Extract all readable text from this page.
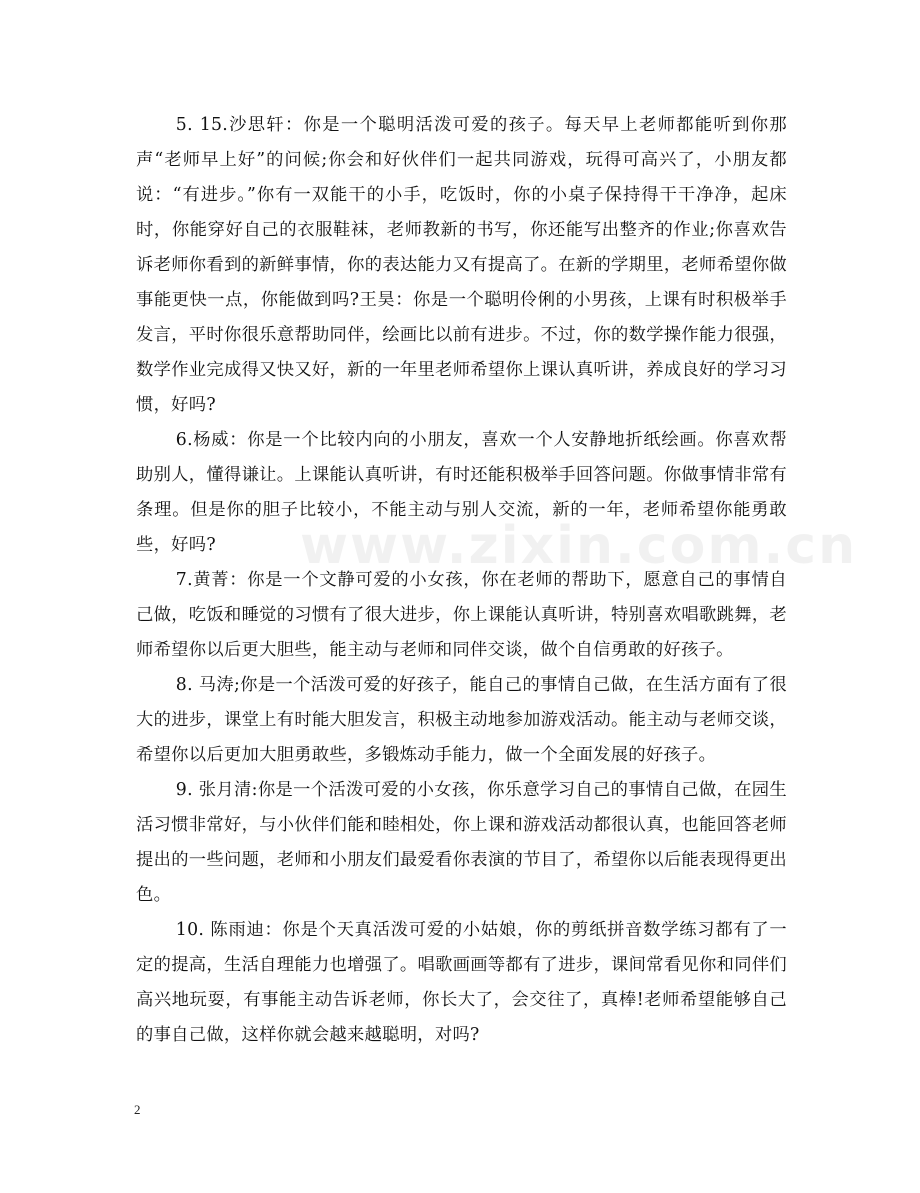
5. 15.沙思轩：你是一个聪明活泼可爱的孩子。每天早上老师都能听到你那声“老师早上好”的问候;你会和好伙伴们一起共同游戏，玩得可高兴了，小朋友都说：“有进步。”你有一双能干的小手，吃饭时，你的小桌子保持得干干净净，起床时，你能穿好自己的衣服鞋袜，老师教新的书写，你还能写出整齐的作业;你喜欢告诉老师你看到的新鲜事情，你的表达能力又有提高了。在新的学期里，老师希望你做事能更快一点，你能做到吗?王昊：你是一个聪明伶俐的小男孩，上课有时积极举手发言，平时你很乐意帮助同伴，绘画比以前有进步。不过，你的数学操作能力很强，数学作业完成得又快又好，新的一年里老师希望你上课认真听讲，养成良好的学习习惯，好吗?

6.杨威：你是一个比较内向的小朋友，喜欢一个人安静地折纸绘画。你喜欢帮助别人，懂得谦让。上课能认真听讲，有时还能积极举手回答问题。你做事情非常有条理。但是你的胆子比较小，不能主动与别人交流，新的一年，老师希望你能勇敢些，好吗?

7.黄菁：你是一个文静可爱的小女孩，你在老师的帮助下，愿意自己的事情自己做，吃饭和睡觉的习惯有了很大进步，你上课能认真听讲，特别喜欢唱歌跳舞，老师希望你以后更大胆些，能主动与老师和同伴交谈，做个自信勇敢的好孩子。

8. 马涛;你是一个活泼可爱的好孩子，能自己的事情自己做，在生活方面有了很大的进步，课堂上有时能大胆发言，积极主动地参加游戏活动。能主动与老师交谈，希望你以后更加大胆勇敢些，多锻炼动手能力，做一个全面发展的好孩子。

9. 张月清:你是一个活泼可爱的小女孩，你乐意学习自己的事情自己做，在园生活习惯非常好，与小伙伴们能和睦相处，你上课和游戏活动都很认真，也能回答老师提出的一些问题，老师和小朋友们最爱看你表演的节目了，希望你以后能表现得更出色。

10. 陈雨迪：你是个天真活泼可爱的小姑娘，你的剪纸拼音数学练习都有了一定的提高，生活自理能力也增强了。唱歌画画等都有了进步，课间常看见你和同伴们高兴地玩耍，有事能主动告诉老师，你长大了，会交往了，真棒!老师希望能够自己的事自己做，这样你就会越来越聪明，对吗?

www.zixin.com.cn
2
